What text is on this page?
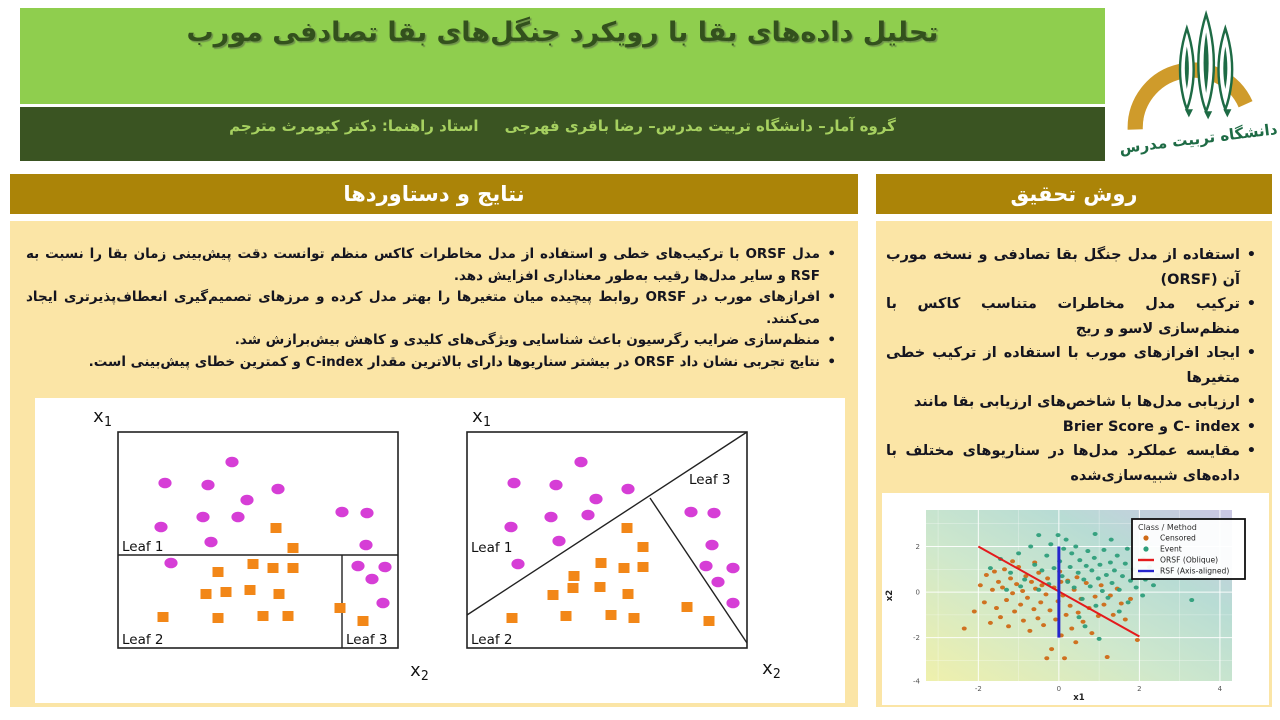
تحلیل داده‌های بقا با رویکرد جنگل‌های بقا تصادفی مورب
گروه آمار– دانشگاه تربیت مدرس– رضا باقری فهرجی     استاد راهنما: دکتر کیومرث مترجم	دانشگاه تربیت مدرس
نتایج و دستاوردها	روش تحقیق
• مدل ORSF با ترکیب‌های خطی و استفاده از مدل مخاطرات کاکس منظم توانست دقت پیش‌بینی زمان بقا را نسبت به RSF و سایر مدل‌ها رقیب به‌طور معناداری افزایش دهد.
• افرازهای مورب در ORSF روابط پیچیده میان متغیرها را بهتر مدل کرده و مرزهای تصمیم‌گیری انعطاف‌پذیرتری ایجاد می‌کنند.
• منظم‌سازی ضرایب رگرسیون باعث شناسایی ویژگی‌های کلیدی و کاهش بیش‌برازش شد.
• نتایج تجربی نشان داد ORSF در بیشتر سناریوها دارای بالاترین مقدار C-index و کمترین خطای پیش‌بینی است.
Leaf 1
Leaf 2	Leaf 3
$x_1$
$x_2$
Leaf 1
Leaf 2
Leaf 3
$x_1$
$x_2$
• استفاده از مدل جنگل بقا تصادفی و نسخه مورب آن (ORSF)
• ترکیب مدل مخاطرات متناسب کاکس با منظم‌سازی لاسو و ریج
• ایجاد افرازهای مورب با استفاده از ترکیب خطی متغیرها
• ارزیابی مدل‌ها با شاخص‌های ارزیابی بقا مانند
• C- index و Brier Score
• مقایسه عملکرد مدل‌ها در سناریوهای مختلف با داده‌های شبیه‌سازی‌شده
-2	0	2	4
-4
-2
0
2
x1
x2
Class / Method
Censored
Event
ORSF (Oblique)
RSF (Axis-aligned)
